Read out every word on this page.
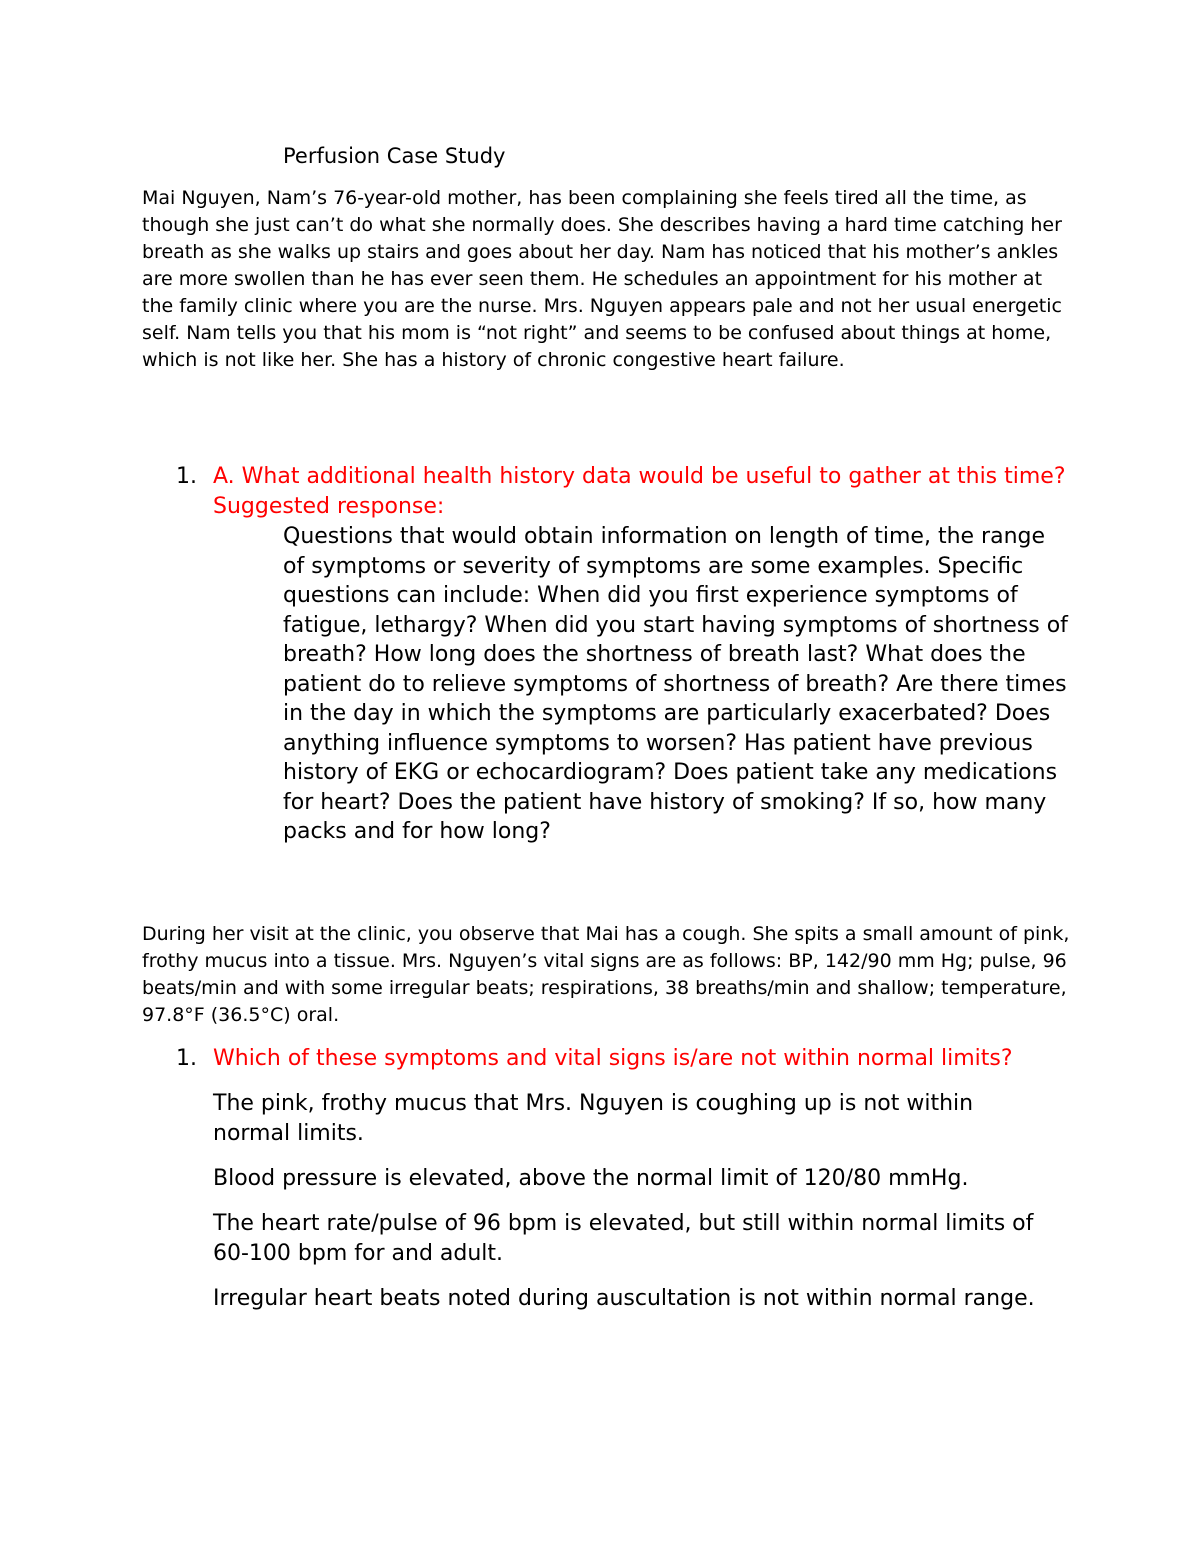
Perfusion Case Study

Mai Nguyen, Nam’s 76-year-old mother, has been complaining she feels tired all the time, as though she just can’t do what she normally does. She describes having a hard time catching her breath as she walks up stairs and goes about her day. Nam has noticed that his mother’s ankles are more swollen than he has ever seen them. He schedules an appointment for his mother at the family clinic where you are the nurse. Mrs. Nguyen appears pale and not her usual energetic self. Nam tells you that his mom is “not right” and seems to be confused about things at home, which is not like her. She has a history of chronic congestive heart failure.

1. A. What additional health history data would be useful to gather at this time? Suggested response:
Questions that would obtain information on length of time, the range of symptoms or severity of symptoms are some examples. Specific questions can include: When did you first experience symptoms of fatigue, lethargy? When did you start having symptoms of shortness of breath? How long does the shortness of breath last? What does the patient do to relieve symptoms of shortness of breath? Are there times in the day in which the symptoms are particularly exacerbated? Does anything influence symptoms to worsen? Has patient have previous history of EKG or echocardiogram? Does patient take any medications for heart? Does the patient have history of smoking? If so, how many packs and for how long?

During her visit at the clinic, you observe that Mai has a cough. She spits a small amount of pink, frothy mucus into a tissue. Mrs. Nguyen’s vital signs are as follows: BP, 142/90 mm Hg; pulse, 96 beats/min and with some irregular beats; respirations, 38 breaths/min and shallow; temperature, 97.8°F (36.5°C) oral.

1. Which of these symptoms and vital signs is/are not within normal limits?

The pink, frothy mucus that Mrs. Nguyen is coughing up is not within normal limits.

Blood pressure is elevated, above the normal limit of 120/80 mmHg.

The heart rate/pulse of 96 bpm is elevated, but still within normal limits of 60-100 bpm for and adult.

Irregular heart beats noted during auscultation is not within normal range.
